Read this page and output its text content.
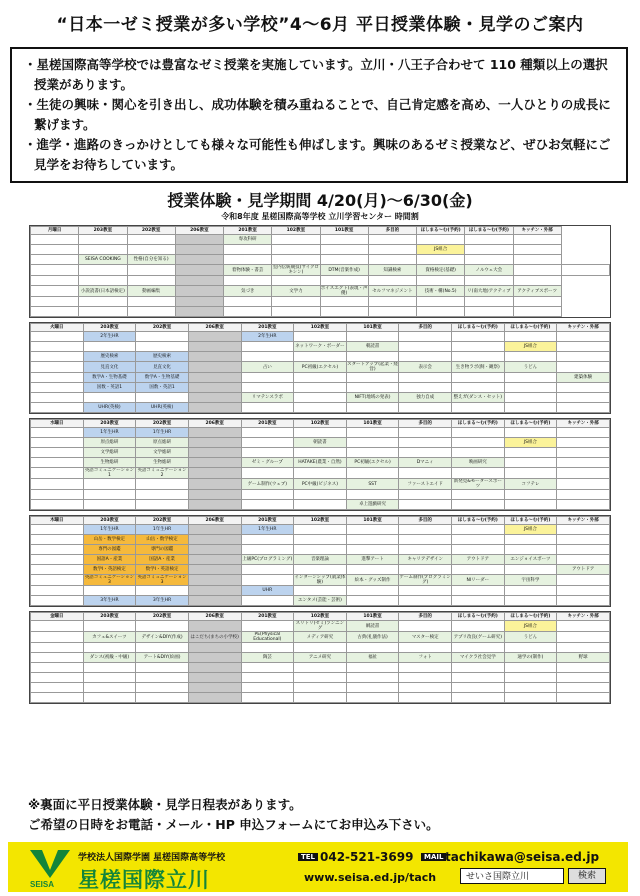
“日本一ゼミ授業が多い学校”4～6月 平日授業体験・見学のご案内

・星槎国際高等学校では豊富なゼミ授業を実施しています。立川・八王子合わせて 110 種類以上の選択授業があります。

・生徒の興味・関心を引き出し、成功体験を積み重ねることで、自己肯定感を高め、一人ひとりの成長に繋げます。

・進学・進路のきっかけとしても様々な可能性も伸ばします。興味のあるゼミ授業など、ぜひお気軽にご見学をお待ちしています。

授業体験・見学期間 4/20(月)～6/30(金)
令和8年度 星槎国際高等学校 立川学習センター 時間割
月曜日	203教室	202教室	206教室	201教室	102教室	101教室	多目的	ほしまる～む(予約)	ほしまる～む(予約)	キッチン・外部	
				専攻科研							
								JS組合			
	SEISA COOKING	性格(自分を知る)									
				着物体験・書芸	室内伝統競技(サイクロキシン)	DTM(音楽作成)	知識検索	資格検定(基礎)	ノルウェ大会		

	小説読書(日本語検定)	動画編集		気づき	文学力	ボイスエクト(表現・声優)	セルフマネジメント	技術・構(No.5)	リ(南大地)アクティブ	アクティブスポーツ	

火曜日	203教室	202教室	206教室	201教室	102教室	101教室	多目的	ほしまる～む(予約)	ほしまる～む(予約)	キッチン・外部
	2年生HR			2年生HR						
					ネットワーク・ボーダー	朝読書			JS組合	
	歴史検索	歴史検索								
	見直文化	見直文化		占い	PC初級(エクセル)	スタートアップ(起業・経営)	表示会	生き物ラボ(飼・観察)	うどん	
	数学A・生物基礎	数学A・生物基礎								建築体験
	国数・英語1	国数・英語1								
				リマテンスラボ		NIFT(地域の発表)	独力自成	整えガ(ダンス・セット)		
	UHR(英検)	UHR(英検)								
水曜日	203教室	202教室	206教室	201教室	102教室	101教室	多目的	ほしまる～む(予約)	ほしまる～む(予約)	キッチン・外部
	1年生HR	1年生HR								
	原点総研	原点総研			朝読書				JS組合	
	文学総研	文学総研								
	生物総研	生物総研		ゼミ・グループ	HATAKE(農業・自然)	PC初級(エクセル)	Dマニィ	映画研究		
	英語コミュニケーション1	英語コミュニケーション2								
				ゲーム制作(ウェブ)	PC中級(ビジネス)	SST	ファーストエイド	新発見&モータースポーツ	コフテレ	

						卓上遊戯研究				
木曜日	203教室	202教室	206教室	201教室	102教室	101教室	多目的	ほしまる～む(予約)	ほしまる～む(予約)	キッチン・外部
	1年生HR	1年生HR		1年生HR					JS組合	
	山岳・数学検定	山岳・数学検定								
	専門の図鑑	専門の図鑑								
	国語A・産業	国語A・産業		上級PC(プログラミング)	音楽理論	進撃アート	キャリアデザイン	アウトドア	エンジョイスポーツ	
	数学I・英語検定	数学I・英語検定								アウトドア
	英語コミュニケーション3	英語コミュニケーション3			インターンシップ(就業体験)	絵本・グッズ制作	ゲーム制作(プログラミング)	NIリーダー	宇宙科学	
				UHR						
	3年生HR	3年生HR			エンタメ(芸能・芸術)					
金曜日	203教室	202教室	206教室	201教室	102教室	101教室	多目的	ほしまる～む(予約)	ほしまる～む(予約)	キッチン・外部
					スリトリ(ゼミ)ランニング	網読書			JS組合	
	カフェ&スイーツ	デザイン&DIY(作成)	はこだち(まちの小学校)	PE(Physical Educational)	メディア研究	古典(礼儀作法)	マスター検定	アプリ改良(ゲーム研究)	うどん	

	ダンス(初級・中級)	アート&DIY(絵画)		陶芸	アニメ研究	福祉	フォト	マイクラ社会見学	通学の(制作)	野球

※裏面に平日授業体験・見学日程表があります。
ご希望の日時をお電話・メール・HP 申込フォームにてお申込み下さい。
SEISA
学校法人国際学園 星槎国際高等学校
星槎国際立川
TEL 042-521-3699	MAIL tachikawa@seisa.ed.jp
www.seisa.ed.jp/tach	せいさ国際立川	検索
